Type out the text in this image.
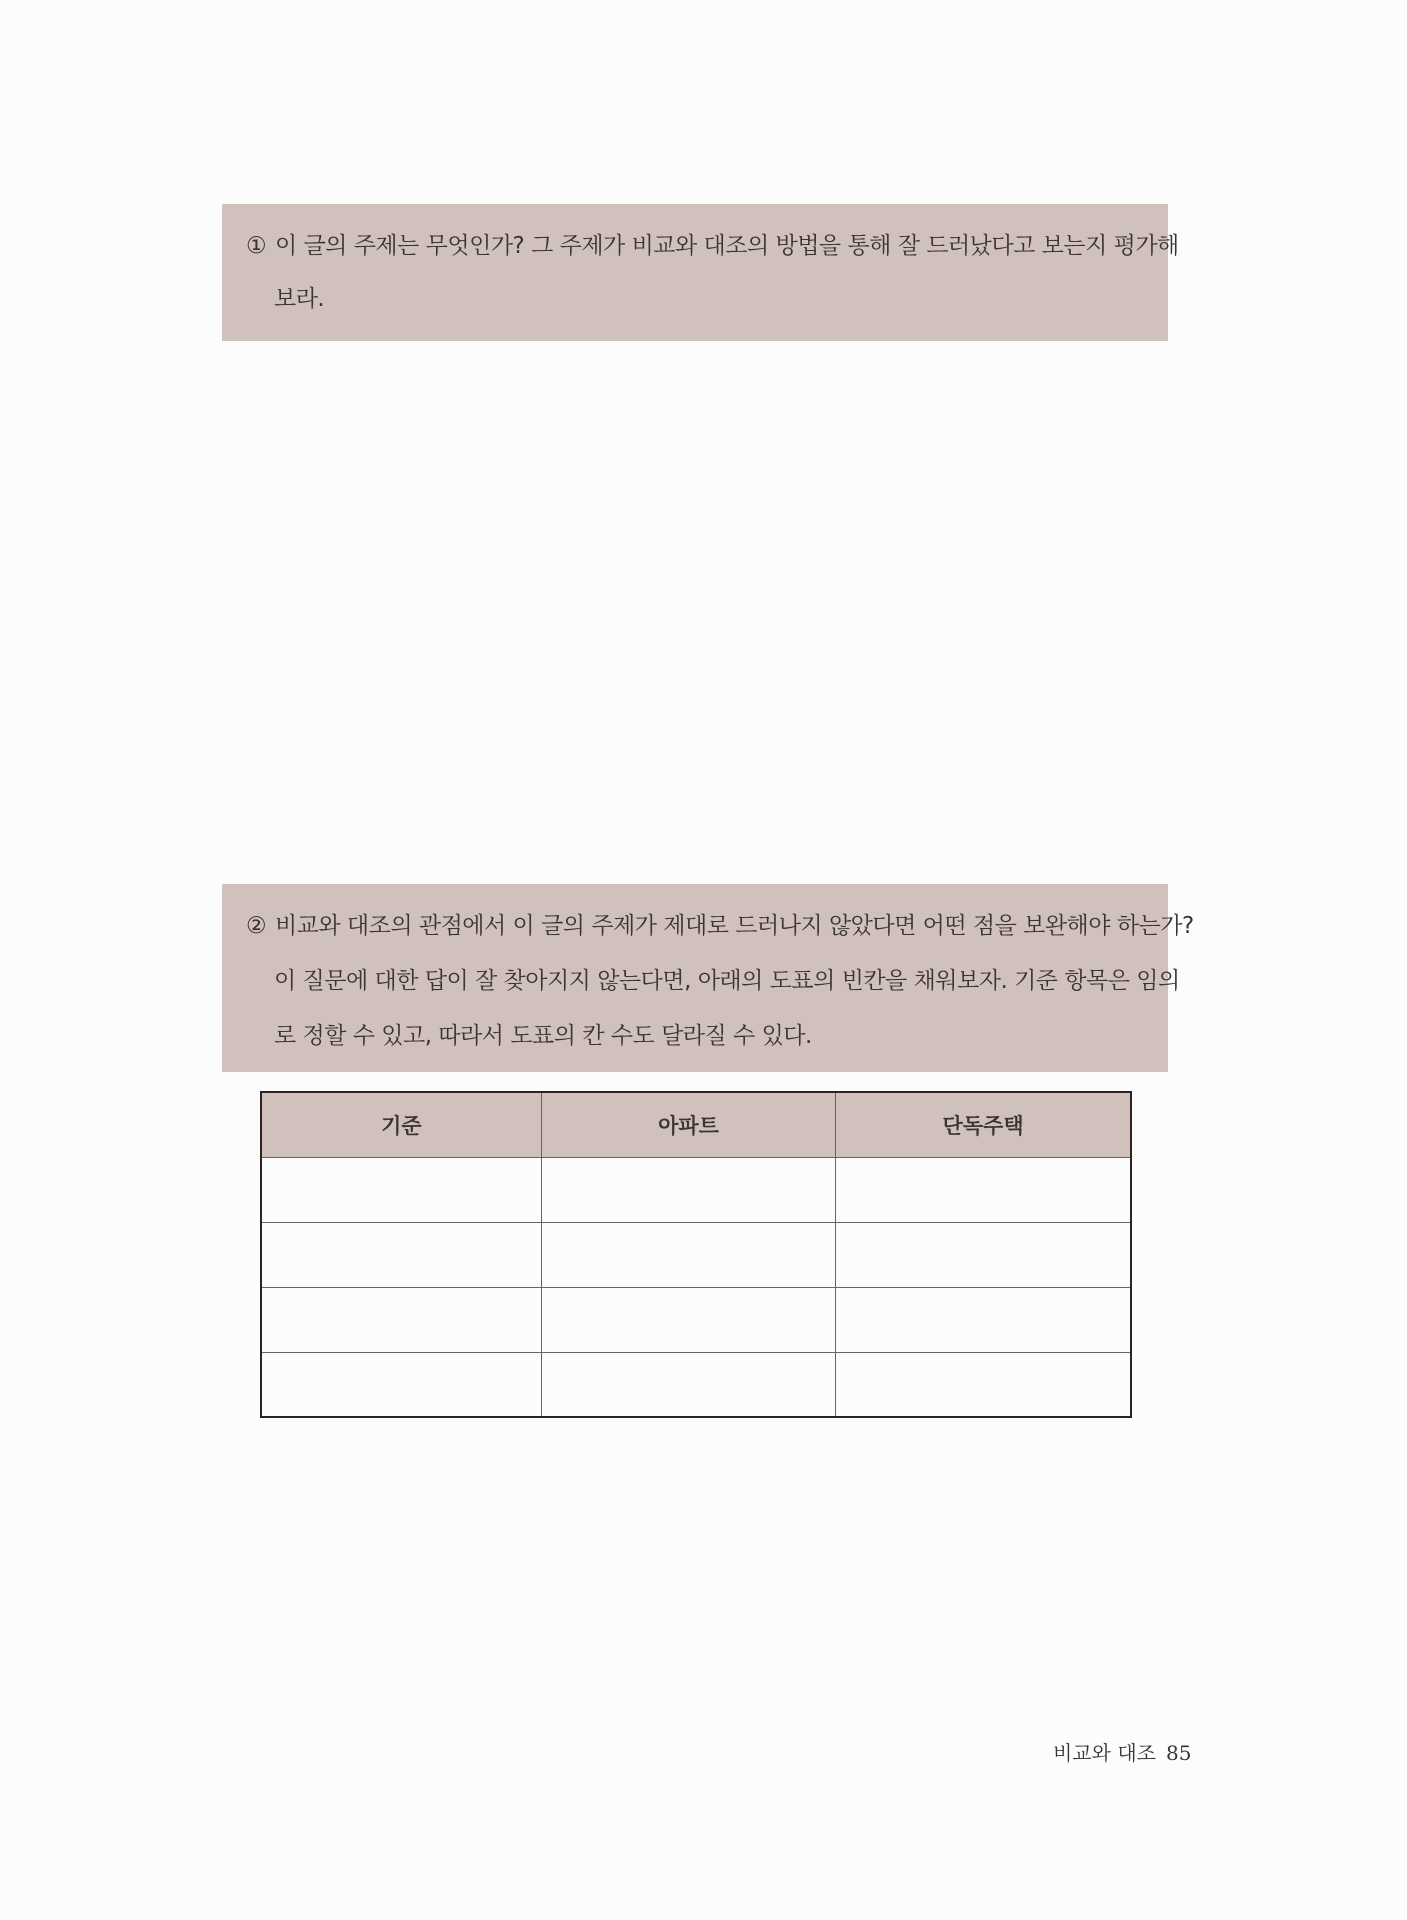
① 이 글의 주제는 무엇인가? 그 주제가 비교와 대조의 방법을 통해 잘 드러났다고 보는지 평가해
보라.
② 비교와 대조의 관점에서 이 글의 주제가 제대로 드러나지 않았다면 어떤 점을 보완해야 하는가?
이 질문에 대한 답이 잘 찾아지지 않는다면, 아래의 도표의 빈칸을 채워보자. 기준 항목은 임의
로 정할 수 있고, 따라서 도표의 칸 수도 달라질 수 있다.
기준	아파트	단독주택

비교와 대조 85
